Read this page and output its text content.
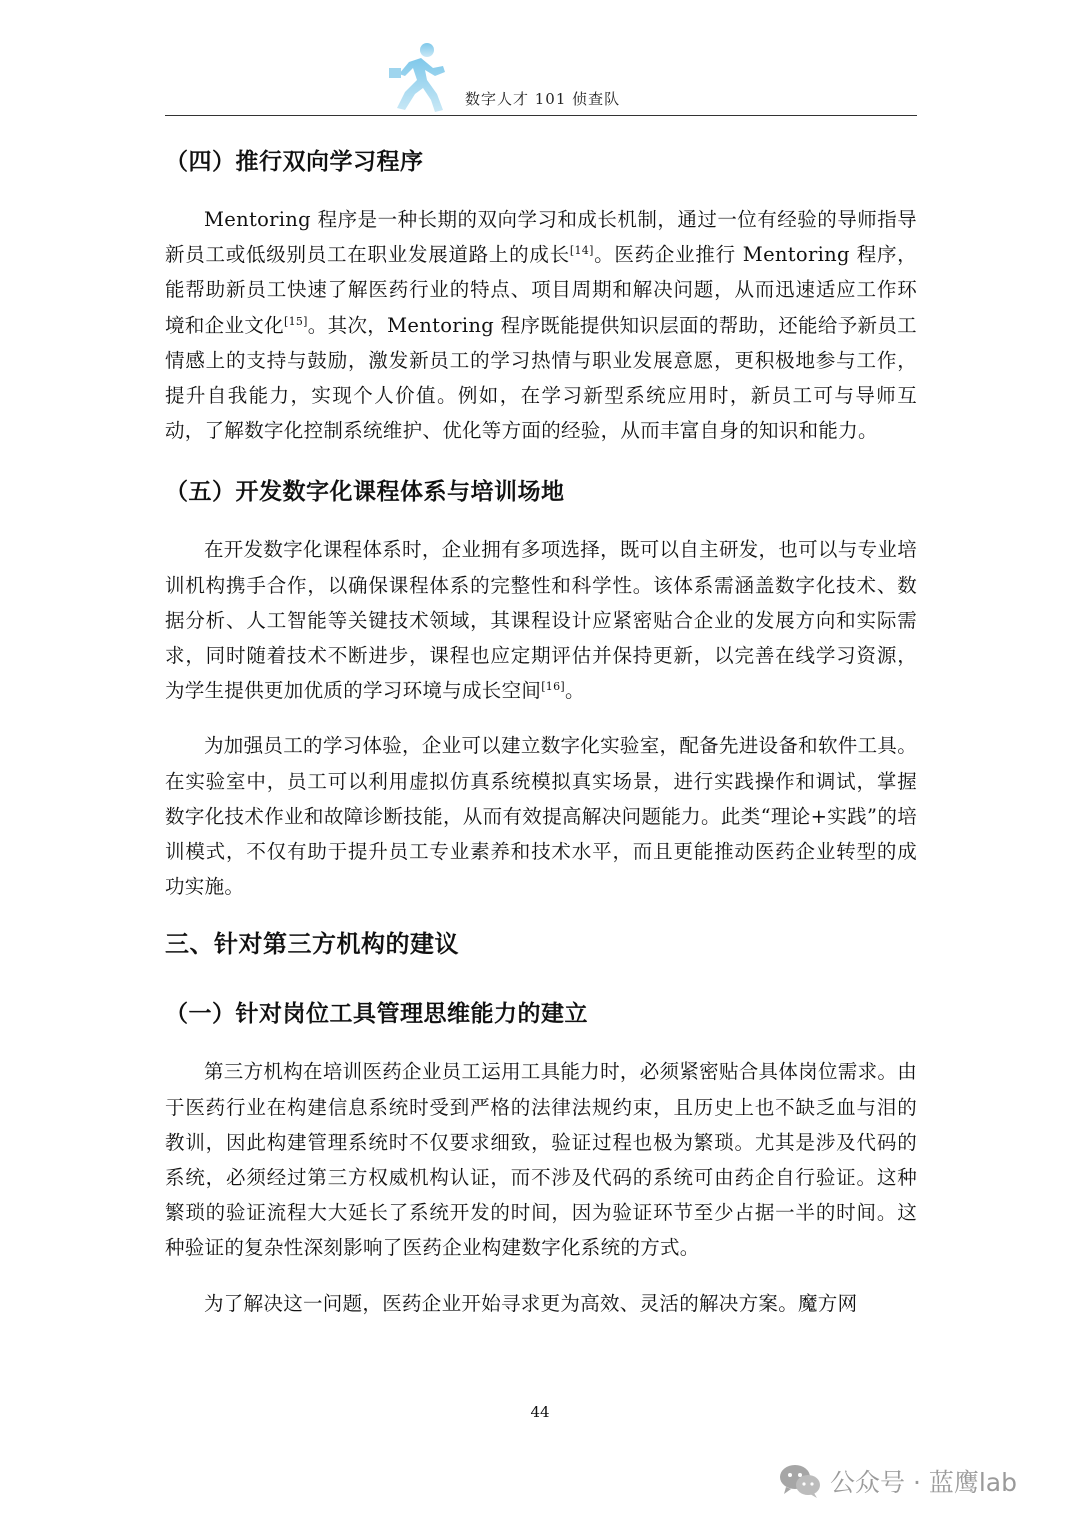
数字人才 101 侦查队
（四）推行双向学习程序

Mentoring 程序是一种长期的双向学习和成长机制，通过一位有经验的导师指导新员工或低级别员工在职业发展道路上的成长[14]。医药企业推行 Mentoring 程序，能帮助新员工快速了解医药行业的特点、项目周期和解决问题，从而迅速适应工作环境和企业文化[15]。其次，Mentoring 程序既能提供知识层面的帮助，还能给予新员工情感上的支持与鼓励，激发新员工的学习热情与职业发展意愿，更积极地参与工作，提升自我能力，实现个人价值。例如，在学习新型系统应用时，新员工可与导师互动，了解数字化控制系统维护、优化等方面的经验，从而丰富自身的知识和能力。

（五）开发数字化课程体系与培训场地

在开发数字化课程体系时，企业拥有多项选择，既可以自主研发，也可以与专业培训机构携手合作，以确保课程体系的完整性和科学性。该体系需涵盖数字化技术、数据分析、人工智能等关键技术领域，其课程设计应紧密贴合企业的发展方向和实际需求，同时随着技术不断进步，课程也应定期评估并保持更新，以完善在线学习资源，为学生提供更加优质的学习环境与成长空间[16]。

为加强员工的学习体验，企业可以建立数字化实验室，配备先进设备和软件工具。在实验室中，员工可以利用虚拟仿真系统模拟真实场景，进行实践操作和调试，掌握数字化技术作业和故障诊断技能，从而有效提高解决问题能力。此类“理论+实践”的培训模式，不仅有助于提升员工专业素养和技术水平，而且更能推动医药企业转型的成功实施。

三、针对第三方机构的建议
（一）针对岗位工具管理思维能力的建立

第三方机构在培训医药企业员工运用工具能力时，必须紧密贴合具体岗位需求。由于医药行业在构建信息系统时受到严格的法律法规约束，且历史上也不缺乏血与泪的教训，因此构建管理系统时不仅要求细致，验证过程也极为繁琐。尤其是涉及代码的系统，必须经过第三方权威机构认证，而不涉及代码的系统可由药企自行验证。这种繁琐的验证流程大大延长了系统开发的时间，因为验证环节至少占据一半的时间。这种验证的复杂性深刻影响了医药企业构建数字化系统的方式。

为了解决这一问题，医药企业开始寻求更为高效、灵活的解决方案。魔方网

44
公众号 · 蓝鹰lab
